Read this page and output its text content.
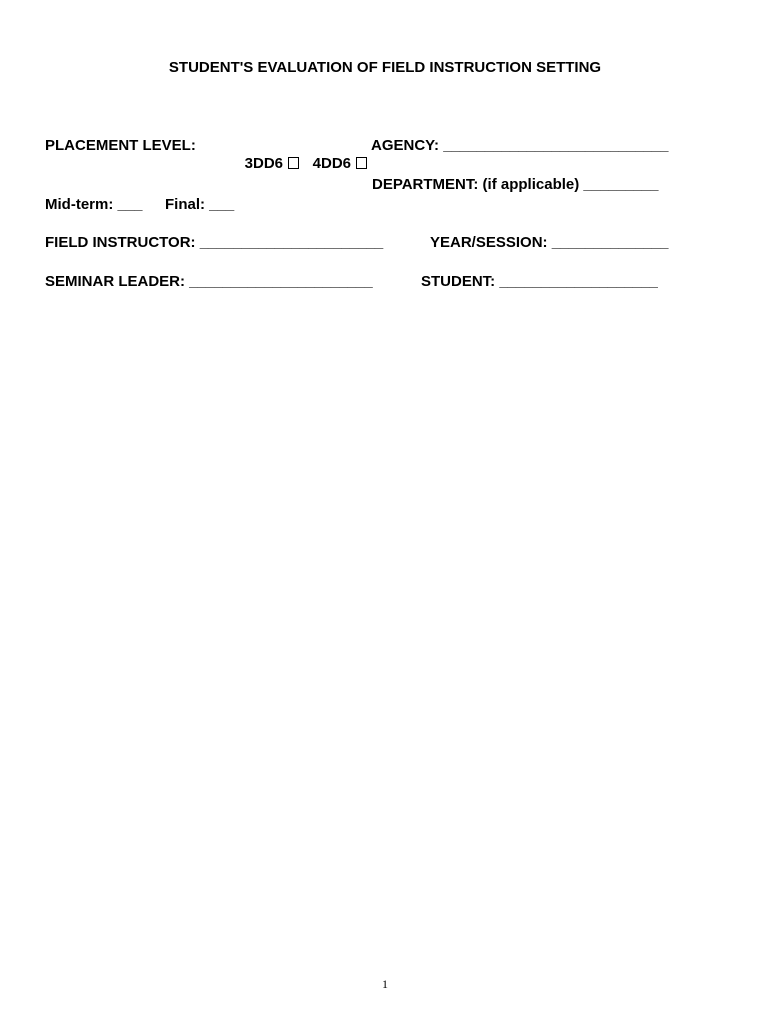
STUDENT'S EVALUATION OF FIELD INSTRUCTION SETTING
PLACEMENT LEVEL:

3DD6
	4DD6

AGENCY: ___________________________
DEPARTMENT: (if applicable) _________
Mid-term: ___ Final: ___
FIELD INSTRUCTOR: ______________________	YEAR/SESSION: ______________
SEMINAR LEADER: ______________________	STUDENT: ___________________
1
